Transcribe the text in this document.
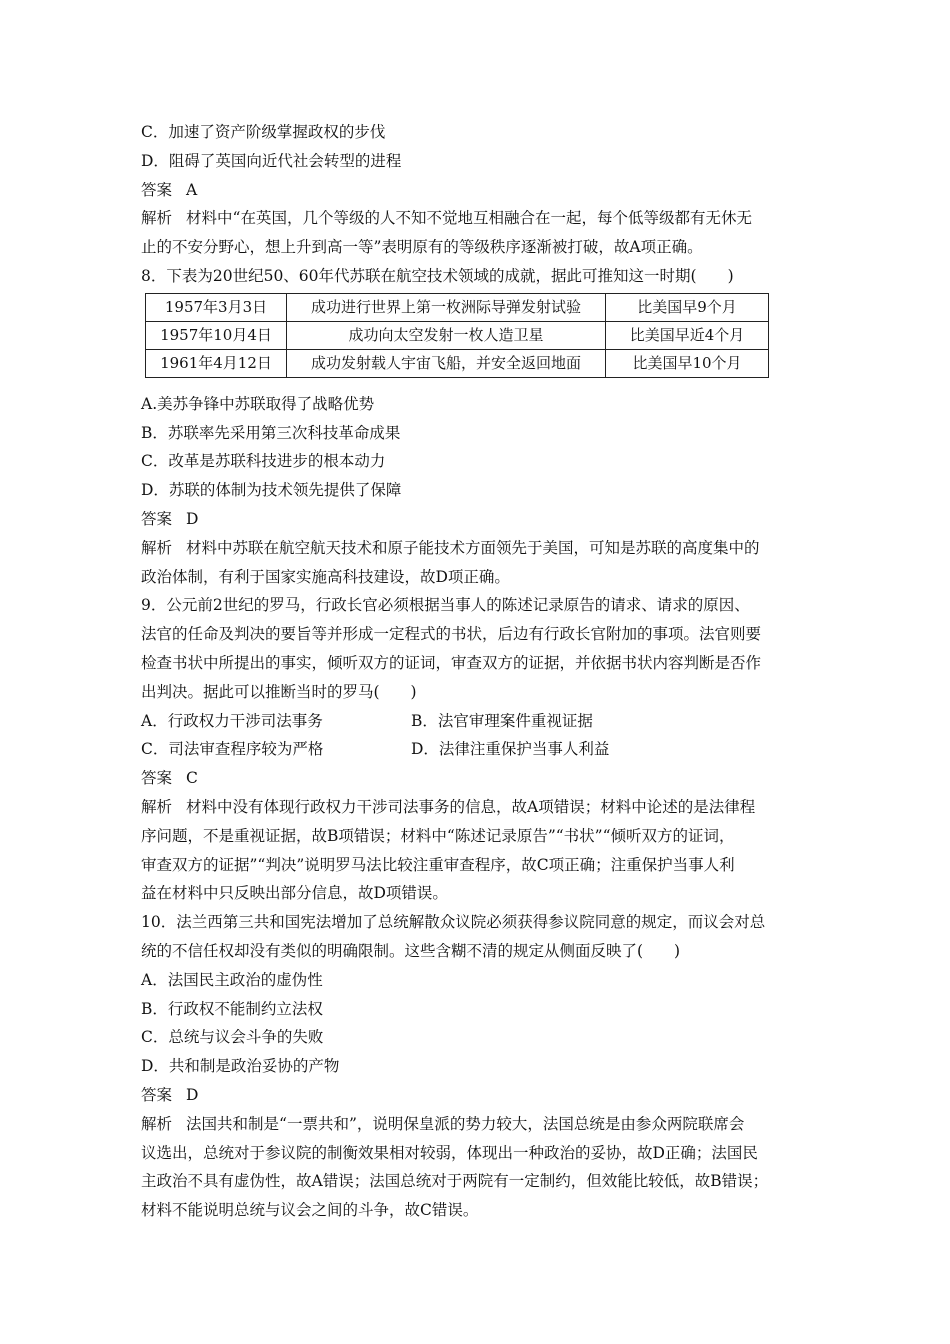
C．加速了资产阶级掌握政权的步伐
D．阻碍了英国向近代社会转型的进程
答案 A
解析 材料中“在英国，几个等级的人不知不觉地互相融合在一起，每个低等级都有无休无
止的不安分野心，想上升到高一等”表明原有的等级秩序逐渐被打破，故A项正确。
8．下表为20世纪50、60年代苏联在航空技术领域的成就，据此可推知这一时期(　　)
1957年3月3日	成功进行世界上第一枚洲际导弹发射试验	比美国早9个月
1957年10月4日	成功向太空发射一枚人造卫星	比美国早近4个月
1961年4月12日	成功发射载人宇宙飞船，并安全返回地面	比美国早10个月
A.美苏争锋中苏联取得了战略优势
B．苏联率先采用第三次科技革命成果
C．改革是苏联科技进步的根本动力
D．苏联的体制为技术领先提供了保障
答案 D
解析 材料中苏联在航空航天技术和原子能技术方面领先于美国，可知是苏联的高度集中的
政治体制，有利于国家实施高科技建设，故D项正确。
9．公元前2世纪的罗马，行政长官必须根据当事人的陈述记录原告的请求、请求的原因、
法官的任命及判决的要旨等并形成一定程式的书状，后边有行政长官附加的事项。法官则要
检查书状中所提出的事实，倾听双方的证词，审查双方的证据，并依据书状内容判断是否作
出判决。据此可以推断当时的罗马(　　)
A．行政权力干涉司法事务	B．法官审理案件重视证据
C．司法审查程序较为严格	D．法律注重保护当事人利益
答案 C
解析 材料中没有体现行政权力干涉司法事务的信息，故A项错误；材料中论述的是法律程
序问题，不是重视证据，故B项错误；材料中“陈述记录原告”“书状”“倾听双方的证词，
审查双方的证据”“判决”说明罗马法比较注重审查程序，故C项正确；注重保护当事人利
益在材料中只反映出部分信息，故D项错误。
10．法兰西第三共和国宪法增加了总统解散众议院必须获得参议院同意的规定，而议会对总
统的不信任权却没有类似的明确限制。这些含糊不清的规定从侧面反映了(　　)
A．法国民主政治的虚伪性
B．行政权不能制约立法权
C．总统与议会斗争的失败
D．共和制是政治妥协的产物
答案 D
解析 法国共和制是“一票共和”，说明保皇派的势力较大，法国总统是由参众两院联席会
议选出，总统对于参议院的制衡效果相对较弱，体现出一种政治的妥协，故D正确；法国民
主政治不具有虚伪性，故A错误；法国总统对于两院有一定制约，但效能比较低，故B错误；
材料不能说明总统与议会之间的斗争，故C错误。
